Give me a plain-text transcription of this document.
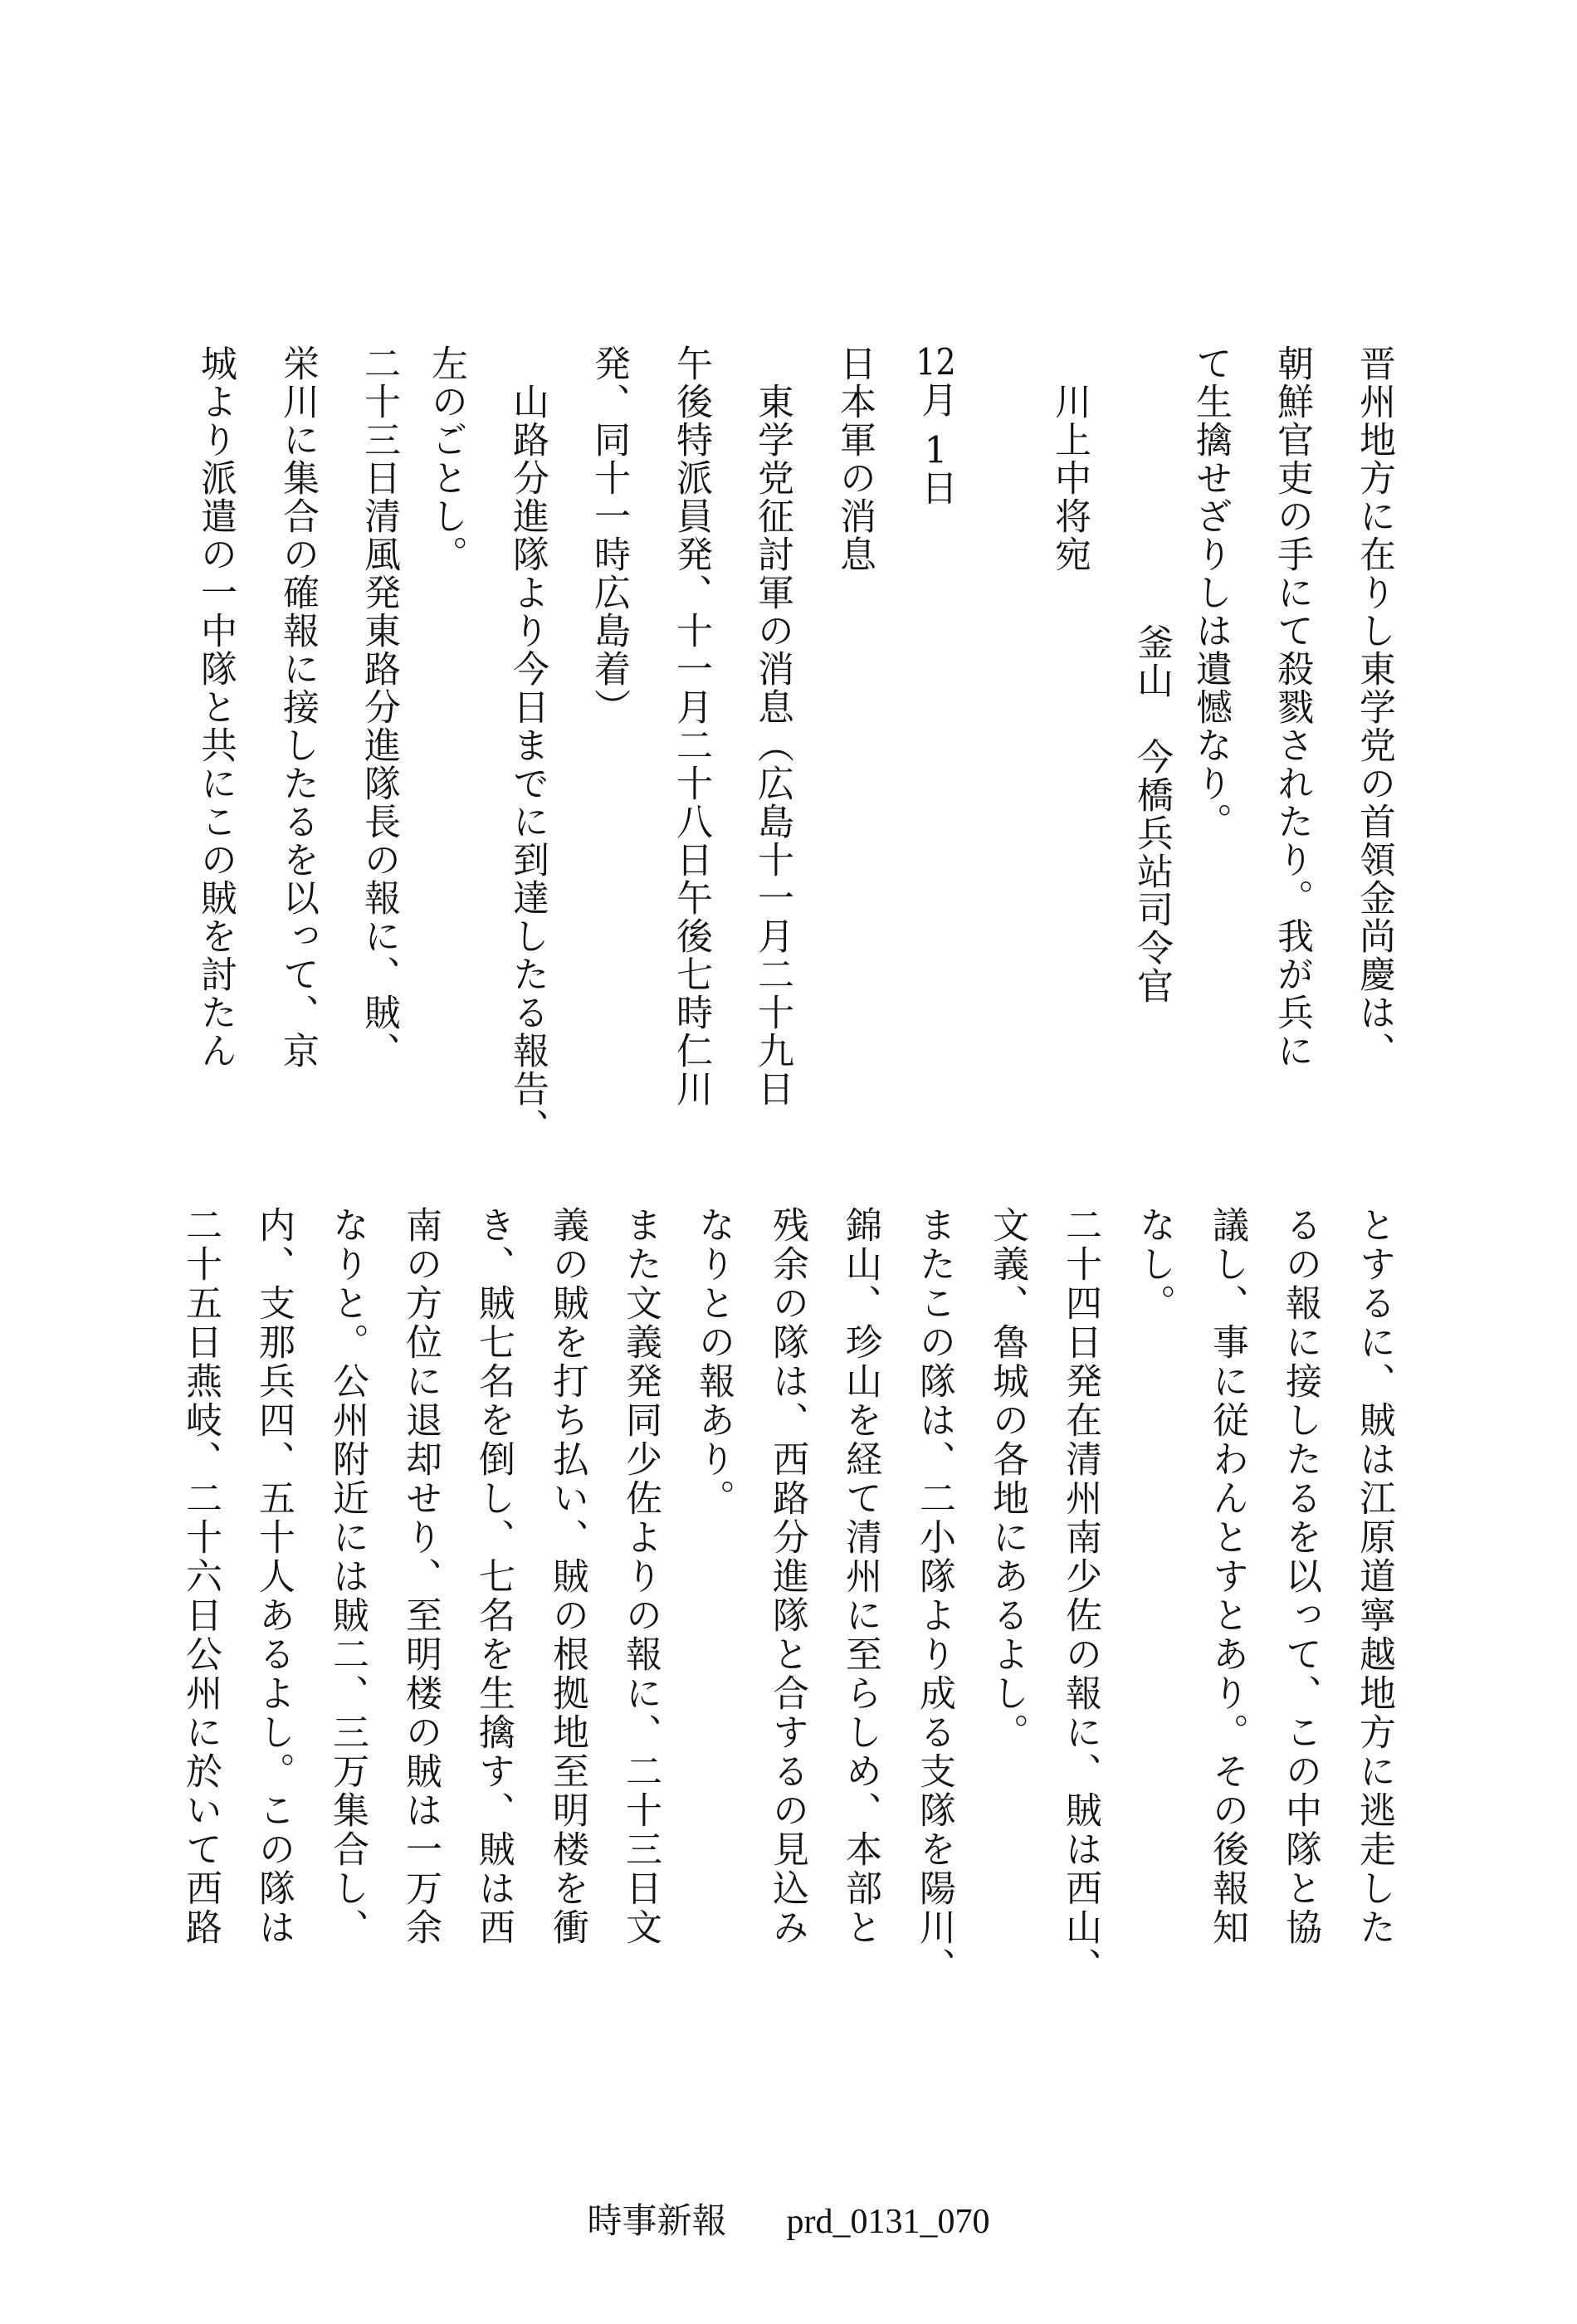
晋州地方に在りし東学党の首領金尚慶は、
朝鮮官吏の手にて殺戮されたり。我が兵に
て生擒せざりしは遺憾なり。
釜山　今橋兵站司令官
川上中将宛
12月 1日
日本軍の消息
東学党征討軍の消息（広島十一月二十九日
午後特派員発、十一月二十八日午後七時仁川
発、同十一時広島着）
山路分進隊より今日までに到達したる報告、
左のごとし。
二十三日清風発東路分進隊長の報に、賊、
栄川に集合の確報に接したるを以って、京
城より派遣の一中隊と共にこの賊を討たん
とするに、賊は江原道寧越地方に逃走した
るの報に接したるを以って、この中隊と協
議し、事に従わんとすとあり。その後報知
なし。
二十四日発在清州南少佐の報に、賊は西山、
文義、魯城の各地にあるよし。
またこの隊は、二小隊より成る支隊を陽川、
錦山、珍山を経て清州に至らしめ、本部と
残余の隊は、西路分進隊と合するの見込み
なりとの報あり。
また文義発同少佐よりの報に、二十三日文
義の賊を打ち払い、賊の根拠地至明楼を衝
き、賊七名を倒し、七名を生擒す、賊は西
南の方位に退却せり、至明楼の賊は一万余
なりと。公州附近には賊二、三万集合し、
内、支那兵四、五十人あるよし。この隊は
二十五日燕岐、二十六日公州に於いて西路
時事新報 prd_0131_070
